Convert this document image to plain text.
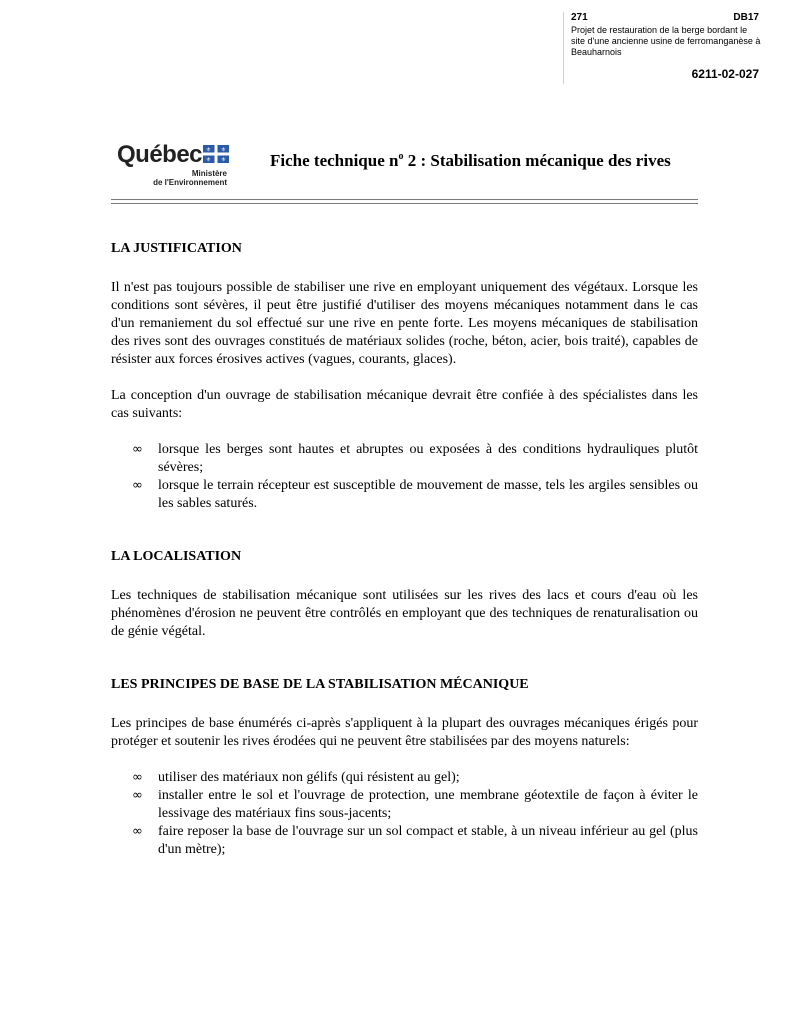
271	DB17
Projet de restauration de la berge bordant le site d'une ancienne usine de ferromanganèse à Beauharnois
6211-02-027
Québec ⚜ ⚜
⚜ ⚜
Ministère
de l'Environnement
Fiche technique $n^o$ 2 : Stabilisation mécanique des rives
LA JUSTIFICATION

Il n'est pas toujours possible de stabiliser une rive en employant uniquement des végétaux. Lorsque les conditions sont sévères, il peut être justifié d'utiliser des moyens mécaniques notamment dans le cas d'un remaniement du sol effectué sur une rive en pente forte. Les moyens mécaniques de stabilisation des rives sont des ouvrages constitués de matériaux solides (roche, béton, acier, bois traité), capables de résister aux forces érosives actives (vagues, courants, glaces).

La conception d'un ouvrage de stabilisation mécanique devrait être confiée à des spécialistes dans les cas suivants:

∞ lorsque les berges sont hautes et abruptes ou exposées à des conditions hydrauliques plutôt sévères;
∞ lorsque le terrain récepteur est susceptible de mouvement de masse, tels les argiles sensibles ou les sables saturés.
LA LOCALISATION

Les techniques de stabilisation mécanique sont utilisées sur les rives des lacs et cours d'eau où les phénomènes d'érosion ne peuvent être contrôlés en employant que des techniques de renaturalisation ou de génie végétal.

LES PRINCIPES DE BASE DE LA STABILISATION MÉCANIQUE

Les principes de base énumérés ci-après s'appliquent à la plupart des ouvrages mécaniques érigés pour protéger et soutenir les rives érodées qui ne peuvent être stabilisées par des moyens naturels:

∞ utiliser des matériaux non gélifs (qui résistent au gel);
∞ installer entre le sol et l'ouvrage de protection, une membrane géotextile de façon à éviter le lessivage des matériaux fins sous-jacents;
∞ faire reposer la base de l'ouvrage sur un sol compact et stable, à un niveau inférieur au gel (plus d'un mètre);
